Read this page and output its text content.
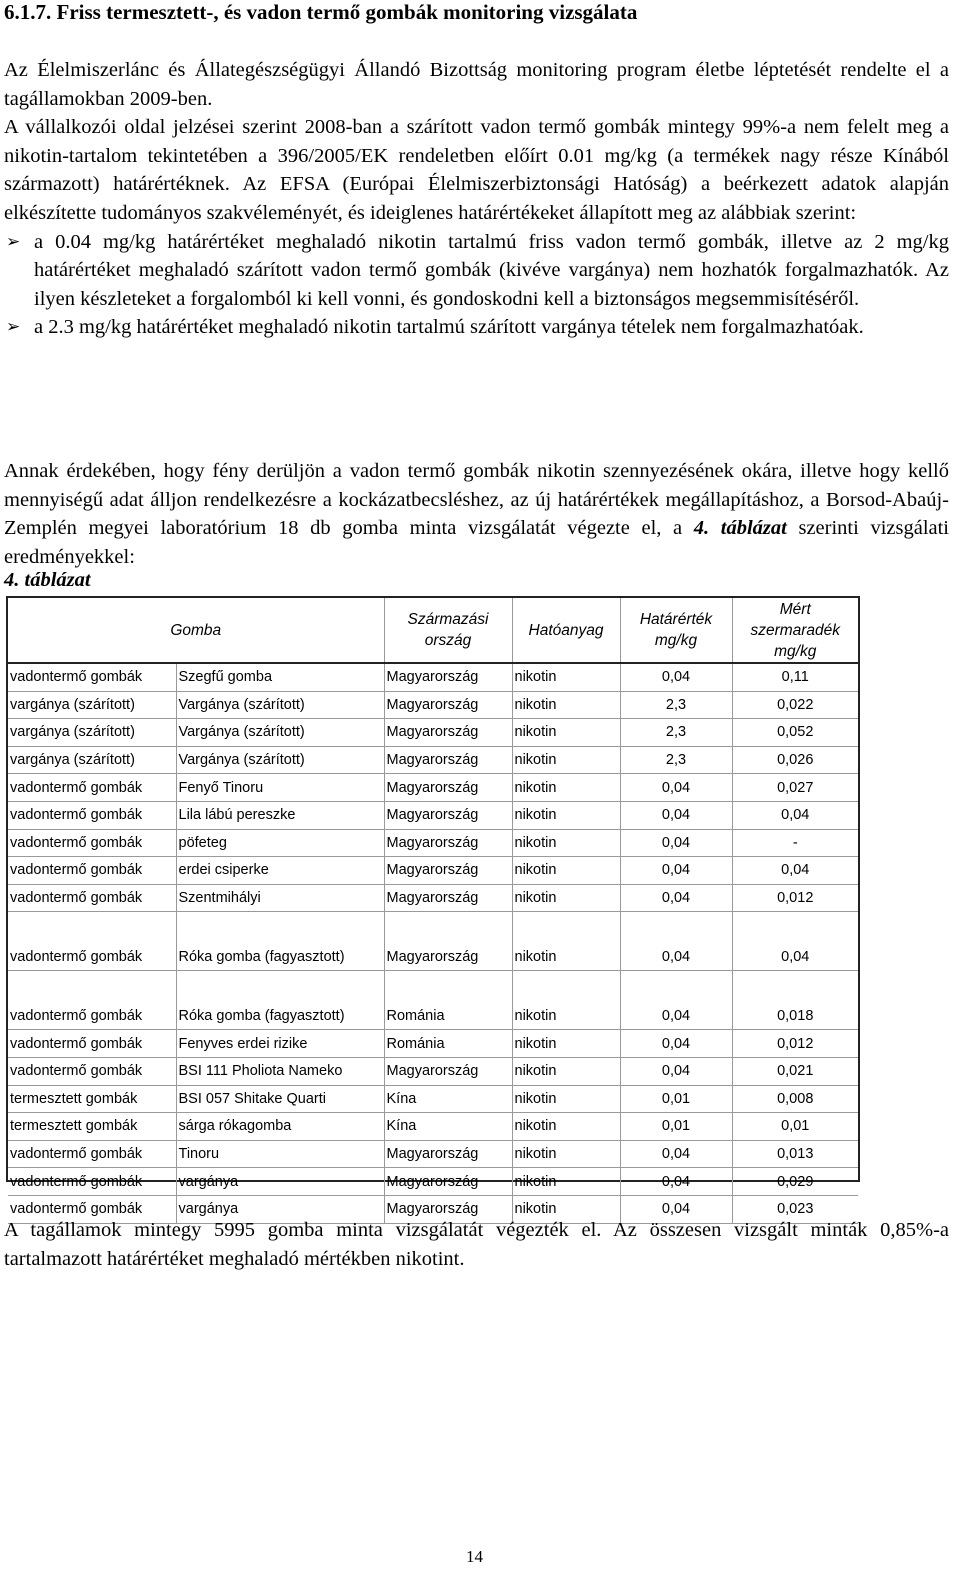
6.1.7. Friss termesztett-, és vadon termő gombák monitoring vizsgálata

Az Élelmiszerlánc és Állategészségügyi Állandó Bizottság monitoring program életbe léptetését rendelte el a tagállamokban 2009-ben.

A vállalkozói oldal jelzései szerint 2008-ban a szárított vadon termő gombák mintegy 99%-a nem felelt meg a nikotin-tartalom tekintetében a 396/2005/EK rendeletben előírt 0.01 mg/kg (a termékek nagy része Kínából származott) határértéknek. Az EFSA (Európai Élelmiszerbiztonsági Hatóság) a beérkezett adatok alapján elkészítette tudományos szakvéleményét, és ideiglenes határértékeket állapított meg az alábbiak szerint:

➢ a 0.04 mg/kg határértéket meghaladó nikotin tartalmú friss vadon termő gombák, illetve az 2 mg/kg határértéket meghaladó szárított vadon termő gombák (kivéve vargánya) nem hozhatók forgalmazhatók. Az ilyen készleteket a forgalomból ki kell vonni, és gondoskodni kell a biztonságos megsemmisítéséről.
➢ a 2.3 mg/kg határértéket meghaladó nikotin tartalmú szárított vargánya tételek nem forgalmazhatóak.

Annak érdekében, hogy fény derüljön a vadon termő gombák nikotin szennyezésének okára, illetve hogy kellő mennyiségű adat álljon rendelkezésre a kockázatbecsléshez, az új határértékek megállapításhoz, a Borsod-Abaúj-Zemplén megyei laboratórium 18 db gomba minta vizsgálatát végezte el, a 4. táblázat szerinti vizsgálati eredményekkel:

4. táblázat
Gomba		Származási ország	Hatóanyag	Határérték mg/kg	Mért szermaradék mg/kg
vadontermő gombák	Szegfű gomba	Magyarország	nikotin	0,04	0,11
vargánya (szárított)	Vargánya (szárított)	Magyarország	nikotin	2,3	0,022
vargánya (szárított)	Vargánya (szárított)	Magyarország	nikotin	2,3	0,052
vargánya (szárított)	Vargánya (szárított)	Magyarország	nikotin	2,3	0,026
vadontermő gombák	Fenyő Tinoru	Magyarország	nikotin	0,04	0,027
vadontermő gombák	Lila lábú pereszke	Magyarország	nikotin	0,04	0,04
vadontermő gombák	pöfeteg	Magyarország	nikotin	0,04	-
vadontermő gombák	erdei csiperke	Magyarország	nikotin	0,04	0,04
vadontermő gombák	Szentmihályi	Magyarország	nikotin	0,04	0,012
vadontermő gombák	Róka gomba (fagyasztott)	Magyarország	nikotin	0,04	0,04
vadontermő gombák	Róka gomba (fagyasztott)	Románia	nikotin	0,04	0,018
vadontermő gombák	Fenyves erdei rizike	Románia	nikotin	0,04	0,012
vadontermő gombák	BSI 111 Pholiota Nameko	Magyarország	nikotin	0,04	0,021
termesztett gombák	BSI 057 Shitake Quarti	Kína	nikotin	0,01	0,008
termesztett gombák	sárga rókagomba	Kína	nikotin	0,01	0,01
vadontermő gombák	Tinoru	Magyarország	nikotin	0,04	0,013
vadontermő gombák	vargánya	Magyarország	nikotin	0,04	0,029
vadontermő gombák	vargánya	Magyarország	nikotin	0,04	0,023

A tagállamok mintegy 5995 gomba minta vizsgálatát végezték el. Az összesen vizsgált minták 0,85%-a tartalmazott határértéket meghaladó mértékben nikotint.

14
